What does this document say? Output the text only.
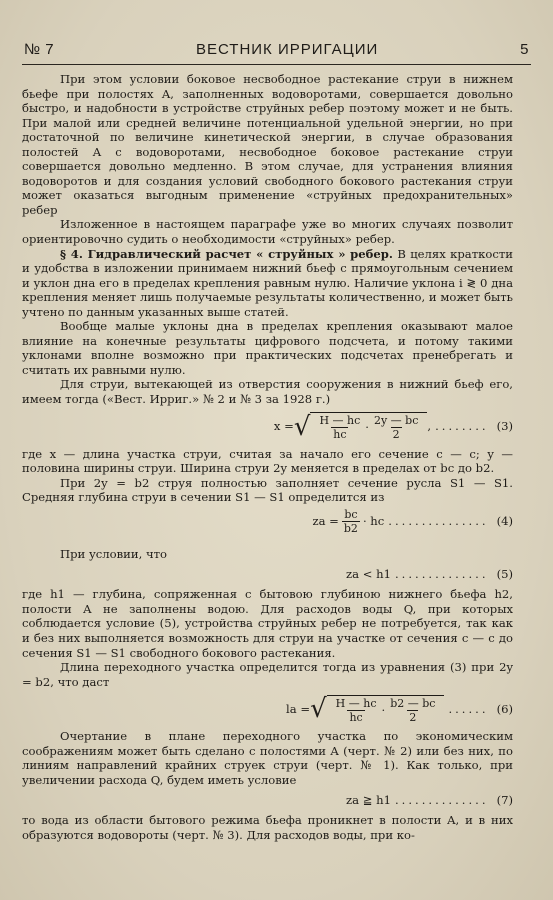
№ 7	ВЕСТНИК ИРРИГАЦИИ	5

При этом условии боковое несвободное растекание струи в нижнем бьефе при полостях A, заполненных водоворотами, совершается довольно быстро, и надобности в устройстве струйных ребер поэтому может и не быть. При малой или средней величине потенциальной удельной энергии, но при достаточной по величине кинетической энергии, в случае образования полостей A с водоворотами, несвободное боковое растекание струи совершается довольно медленно. В этом случае, для устранения влияния водоворотов и для создания условий свободного бокового растекания струи может оказаться выгодным применение «струйных предохранительных» ребер

Изложенное в настоящем параграфе уже во многих случаях позволит ориентировочно судить о необходимости «струйных» ребер.

§ 4. Гидравлический расчет « струйных » ребер. В целях краткости и удобства в изложении принимаем нижний бьеф с прямоугольным сечением и уклон дна его в пределах крепления равным нулю. Наличие уклона i ≷ 0 дна крепления меняет лишь получаемые результаты количественно, и может быть учтено по данным указанных выше статей.

Вообще малые уклоны дна в пределах крепления оказывают малое влияние на конечные результаты цифрового подсчета, и потому такими уклонами вполне возможно при практических подсчетах пренебрегать и считать их равными нулю.

Для струи, вытекающей из отверстия сооружения в нижний бьеф его, имеем тогда («Вест. Ирриг.» № 2 и № 3 за 1928 г.)

x = √ $\frac{H — hc}{hc} \cdot \frac{2y — bc}{2}$ , ........ (3)

где x — длина участка струи, считая за начало его сечение c — c; y — половина ширины струи. Ширина струи 2y меняется в пределах от bc до b2.

При 2y = b2 струя полностью заполняет сечение русла S1 — S1. Средняя глубина струи в сечении S1 — S1 определится из

za = $\frac{bc}{b2}$ · hc ............... (4)

При условии, что

za < h1 .............. (5)

где h1 — глубина, сопряженная с бытовою глубиною нижнего бьефа h2, полости A не заполнены водою. Для расходов воды Q, при которых соблюдается условие (5), устройства струйных ребер не потребуется, так как и без них выполняется возможность для струи на участке от сечения c — c до сечения S1 — S1 свободного бокового растекания.

Длина переходного участка определится тогда из уравнения (3) при 2y = b2, что даст

la = √ $\frac{H — hc}{hc} \cdot \frac{b2 — bc}{2}$ ...... (6)

Очертание в плане переходного участка по экономическим соображениям может быть сделано с полостями A (черт. № 2) или без них, по линиям направлений крайних струек струи (черт. № 1). Как только, при увеличении расхода Q, будем иметь условие

za ≧ h1 .............. (7)

то вода из области бытового режима бьефа проникнет в полости A, и в них образуются водовороты (черт. № 3). Для расходов воды, при ко-
